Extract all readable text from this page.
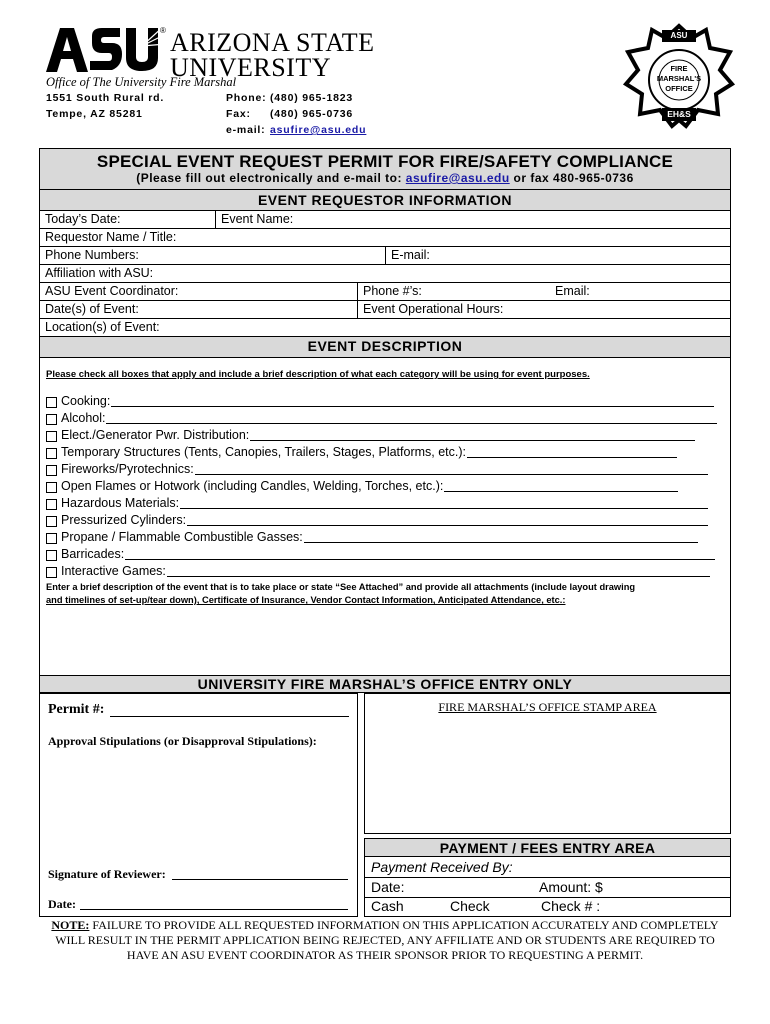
® ARIZONA STATE
UNIVERSITY
Office of The University Fire Marshal
1551 South Rural rd.
Tempe, AZ 85281
Phone: (480) 965-1823
Fax: (480) 965-0736
e-mail: asufire@asu.edu
ASU
FIRE
MARSHAL'S
OFFICE
EH&S
SPECIAL EVENT REQUEST PERMIT FOR FIRE/SAFETY COMPLIANCE
(Please fill out electronically and e-mail to: asufire@asu.edu or fax 480-965-0736
EVENT REQUESTOR INFORMATION
Today’s Date:	Event Name:
Requestor Name / Title:
Phone Numbers:	E-mail:
Affiliation with ASU:
ASU Event Coordinator:	Phone #’s:	Email:
Date(s) of Event:	Event Operational Hours:
Location(s) of Event:
EVENT DESCRIPTION
Please check all boxes that apply and include a brief description of what each category will be using for event purposes.
Cooking:
Alcohol:
Elect./Generator Pwr. Distribution:
Temporary Structures (Tents, Canopies, Trailers, Stages, Platforms, etc.):
Fireworks/Pyrotechnics:
Open Flames or Hotwork (including Candles, Welding, Torches, etc.):
Hazardous Materials:
Pressurized Cylinders:
Propane / Flammable Combustible Gasses:
Barricades:
Interactive Games:
Enter a brief description of the event that is to take place or state “See Attached” and provide all attachments (include layout drawing
and timelines of set-up/tear down), Certificate of Insurance, Vendor Contact Information, Anticipated Attendance, etc.:
UNIVERSITY FIRE MARSHAL’S OFFICE ENTRY ONLY
Permit #:
Approval Stipulations (or Disapproval Stipulations):
Signature of Reviewer:
Date:
FIRE MARSHAL’S OFFICE STAMP AREA
PAYMENT / FEES ENTRY AREA
Payment Received By:
Date:	Amount: $
Cash	Check	Check # :
NOTE: FAILURE TO PROVIDE ALL REQUESTED INFORMATION ON THIS APPLICATION ACCURATELY AND COMPLETELY WILL RESULT IN THE PERMIT APPLICATION BEING REJECTED, ANY AFFILIATE AND OR STUDENTS ARE REQUIRED TO HAVE AN ASU EVENT COORDINATOR AS THEIR SPONSOR PRIOR TO REQUESTING A PERMIT.
